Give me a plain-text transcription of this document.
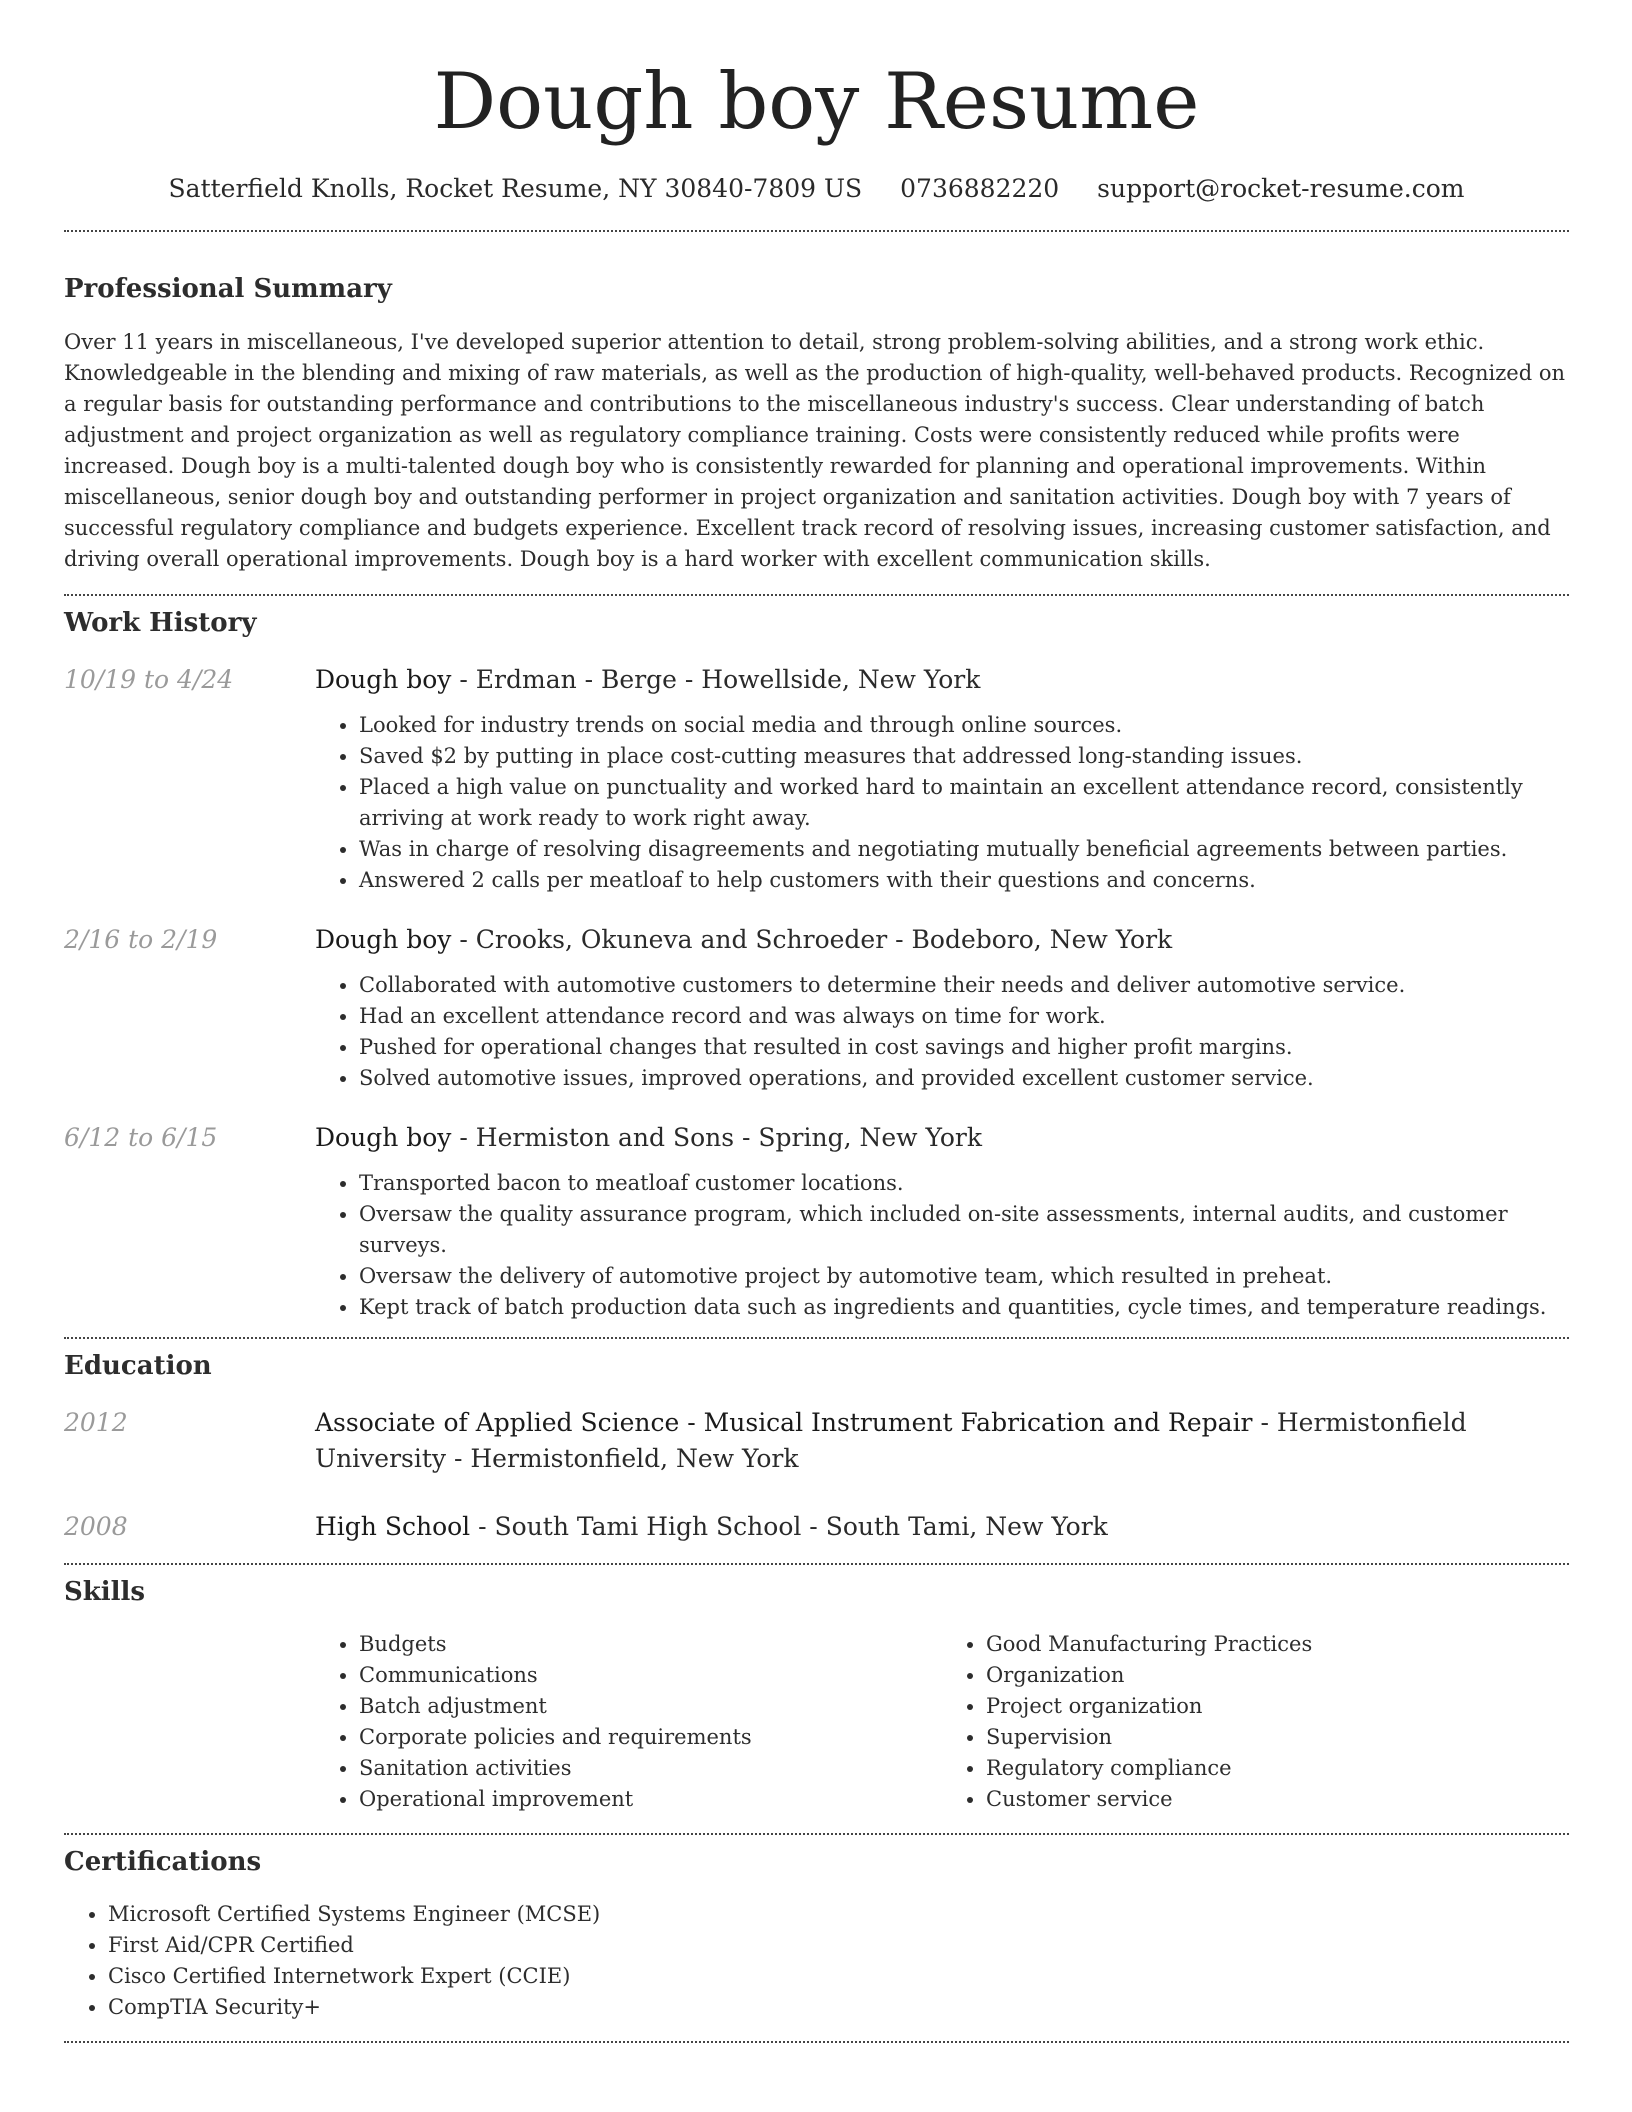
Dough boy Resume
Satterfield Knolls, Rocket Resume, NY 30840-7809 US 0736882220 support@rocket-resume.com
Professional Summary

Over 11 years in miscellaneous, I've developed superior attention to detail, strong problem-solving abilities, and a strong work ethic. Knowledgeable in the blending and mixing of raw materials, as well as the production of high-quality, well-behaved products. Recognized on a regular basis for outstanding performance and contributions to the miscellaneous industry's success. Clear understanding of batch adjustment and project organization as well as regulatory compliance training. Costs were consistently reduced while profits were increased. Dough boy is a multi-talented dough boy who is consistently rewarded for planning and operational improvements. Within miscellaneous, senior dough boy and outstanding performer in project organization and sanitation activities. Dough boy with 7 years of successful regulatory compliance and budgets experience. Excellent track record of resolving issues, increasing customer satisfaction, and driving overall operational improvements. Dough boy is a hard worker with excellent communication skills.

Work History
10/19 to 4/24	Dough boy - Erdman - Berge - Howellside, New York
• Looked for industry trends on social media and through online sources.
• Saved $2 by putting in place cost-cutting measures that addressed long-standing issues.
• Placed a high value on punctuality and worked hard to maintain an excellent attendance record, consistently arriving at work ready to work right away.
• Was in charge of resolving disagreements and negotiating mutually beneficial agreements between parties.
• Answered 2 calls per meatloaf to help customers with their questions and concerns.
2/16 to 2/19	Dough boy - Crooks, Okuneva and Schroeder - Bodeboro, New York
• Collaborated with automotive customers to determine their needs and deliver automotive service.
• Had an excellent attendance record and was always on time for work.
• Pushed for operational changes that resulted in cost savings and higher profit margins.
• Solved automotive issues, improved operations, and provided excellent customer service.
6/12 to 6/15	Dough boy - Hermiston and Sons - Spring, New York
• Transported bacon to meatloaf customer locations.
• Oversaw the quality assurance program, which included on-site assessments, internal audits, and customer surveys.
• Oversaw the delivery of automotive project by automotive team, which resulted in preheat.
• Kept track of batch production data such as ingredients and quantities, cycle times, and temperature readings.
Education
2012	Associate of Applied Science - Musical Instrument Fabrication and Repair - Hermistonfield University - Hermistonfield, New York
2008	High School - South Tami High School - South Tami, New York
Skills
• Budgets
• Communications
• Batch adjustment
• Corporate policies and requirements
• Sanitation activities
• Operational improvement
• Good Manufacturing Practices
• Organization
• Project organization
• Supervision
• Regulatory compliance
• Customer service
Certifications
• Microsoft Certified Systems Engineer (MCSE)
• First Aid/CPR Certified
• Cisco Certified Internetwork Expert (CCIE)
• CompTIA Security+
